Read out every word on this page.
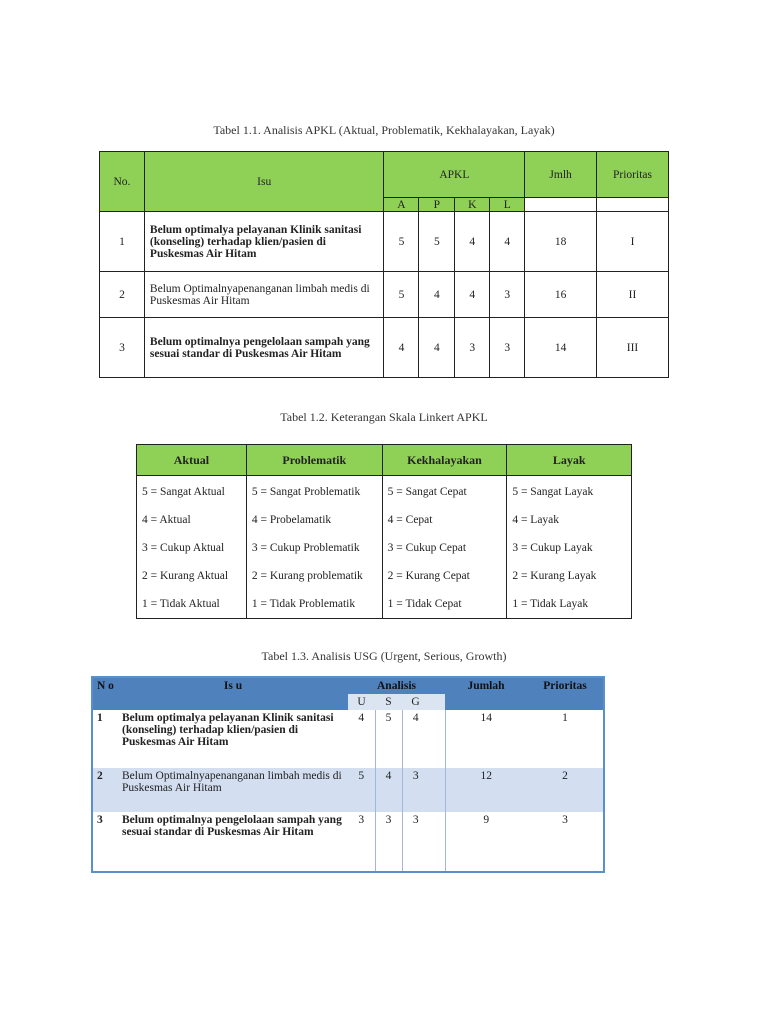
Tabel 1.1. Analisis APKL (Aktual, Problematik, Kekhalayakan, Layak)
No.	Isu	APKL				Jmlh	Prioritas
		A	P	K	L		
1	Belum optimalya pelayanan Klinik sanitasi (konseling) terhadap klien/pasien di Puskesmas Air Hitam	5	5	4	4	18	I
2	Belum Optimalnyapenanganan limbah medis di Puskesmas Air Hitam	5	4	4	3	16	II
3	Belum optimalnya pengelolaan sampah yang sesuai standar di Puskesmas Air Hitam	4	4	3	3	14	III
Tabel 1.2. Keterangan Skala Linkert APKL
Aktual	Problematik	Kekhalayakan	Layak
5 = Sangat Aktual	5 = Sangat Problematik	5 = Sangat Cepat	5 = Sangat Layak
4 = Aktual	4 = Probelamatik	4 = Cepat	4 = Layak
3 = Cukup Aktual	3 = Cukup Problematik	3 = Cukup Cepat	3 = Cukup Layak
2 = Kurang Aktual	2 = Kurang problematik	2 = Kurang Cepat	2 = Kurang Layak
1 = Tidak Aktual	1 = Tidak Problematik	1 = Tidak Cepat	1 = Tidak Layak
Tabel 1.3. Analisis USG (Urgent, Serious, Growth)
N o	Is u	Analisis				Jumlah	Prioritas
		U	S	G			
1	Belum optimalya pelayanan Klinik sanitasi (konseling) terhadap klien/pasien di Puskesmas Air Hitam	4	5	4		14	1
2	Belum Optimalnyapenanganan limbah medis di Puskesmas Air Hitam	5	4	3		12	2
3	Belum optimalnya pengelolaan sampah yang sesuai standar di Puskesmas Air Hitam	3	3	3		9	3
